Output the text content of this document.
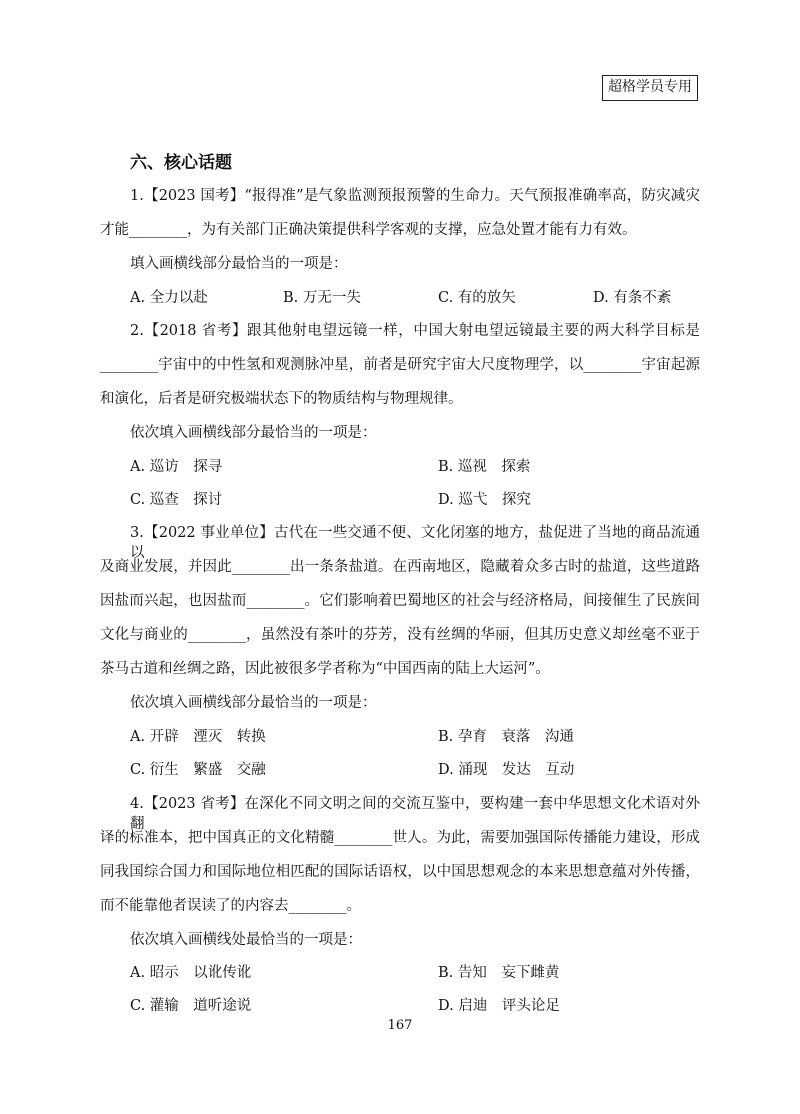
超格学员专用
六、核心话题
1.【2023 国考】“报得准”是气象监测预报预警的生命力。天气预报准确率高，防灾减灾
才能________，为有关部门正确决策提供科学客观的支撑，应急处置才能有力有效。
填入画横线部分最恰当的一项是：
A. 全力以赴	B. 万无一失	C. 有的放矢	D. 有条不紊
2.【2018 省考】跟其他射电望远镜一样，中国大射电望远镜最主要的两大科学目标是
________宇宙中的中性氢和观测脉冲星，前者是研究宇宙大尺度物理学，以________宇宙起源
和演化，后者是研究极端状态下的物质结构与物理规律。
依次填入画横线部分最恰当的一项是：
A. 巡访　探寻	B. 巡视　探索
C. 巡查　探讨	D. 巡弋　探究
3.【2022 事业单位】古代在一些交通不便、文化闭塞的地方，盐促进了当地的商品流通以
及商业发展，并因此________出一条条盐道。在西南地区，隐藏着众多古时的盐道，这些道路
因盐而兴起，也因盐而________。它们影响着巴蜀地区的社会与经济格局，间接催生了民族间
文化与商业的________，虽然没有茶叶的芬芳，没有丝绸的华丽，但其历史意义却丝毫不亚于
茶马古道和丝绸之路，因此被很多学者称为“中国西南的陆上大运河”。
依次填入画横线部分最恰当的一项是：
A. 开辟　湮灭　转换	B. 孕育　衰落　沟通
C. 衍生　繁盛　交融	D. 涌现　发达　互动
4.【2023 省考】在深化不同文明之间的交流互鉴中，要构建一套中华思想文化术语对外翻
译的标准本，把中国真正的文化精髓________世人。为此，需要加强国际传播能力建设，形成
同我国综合国力和国际地位相匹配的国际话语权，以中国思想观念的本来思想意蕴对外传播，
而不能靠他者误读了的内容去________。
依次填入画横线处最恰当的一项是：
A. 昭示　以讹传讹	B. 告知　妄下雌黄
C. 灌输　道听途说	D. 启迪　评头论足
167
